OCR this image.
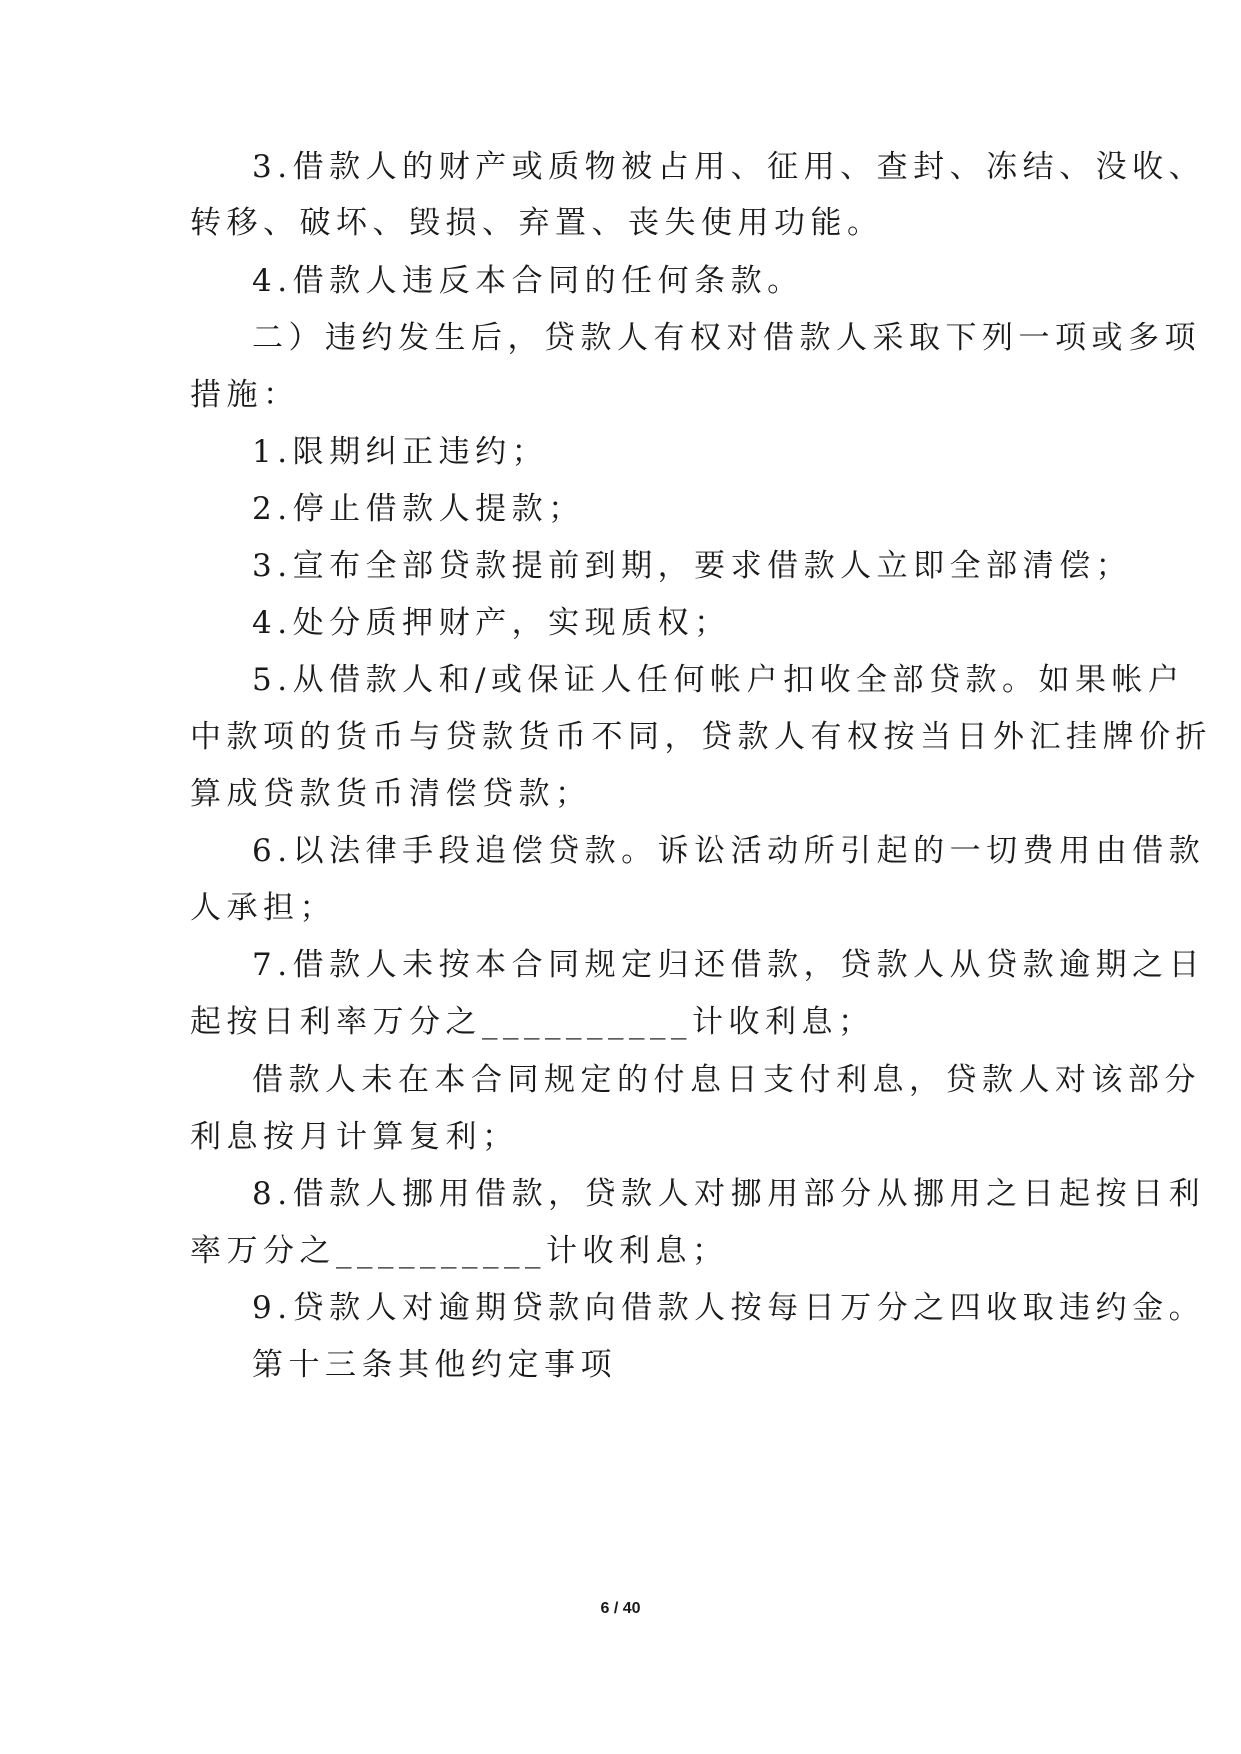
3.借款人的财产或质物被占用、征用、查封、冻结、没收、
转移、破坏、毁损、弃置、丧失使用功能。
4.借款人违反本合同的任何条款。
二）违约发生后，贷款人有权对借款人采取下列一项或多项
措施：
1.限期纠正违约；
2.停止借款人提款；
3.宣布全部贷款提前到期，要求借款人立即全部清偿；
4.处分质押财产，实现质权；
5.从借款人和/或保证人任何帐户扣收全部贷款。如果帐户
中款项的货币与贷款货币不同，贷款人有权按当日外汇挂牌价折
算成贷款货币清偿贷款；
6.以法律手段追偿贷款。诉讼活动所引起的一切费用由借款
人承担；
7.借款人未按本合同规定归还借款，贷款人从贷款逾期之日
起按日利率万分之__________计收利息；
借款人未在本合同规定的付息日支付利息，贷款人对该部分
利息按月计算复利；
8.借款人挪用借款，贷款人对挪用部分从挪用之日起按日利
率万分之__________计收利息；
9.贷款人对逾期贷款向借款人按每日万分之四收取违约金。
第十三条其他约定事项
6 / 40
